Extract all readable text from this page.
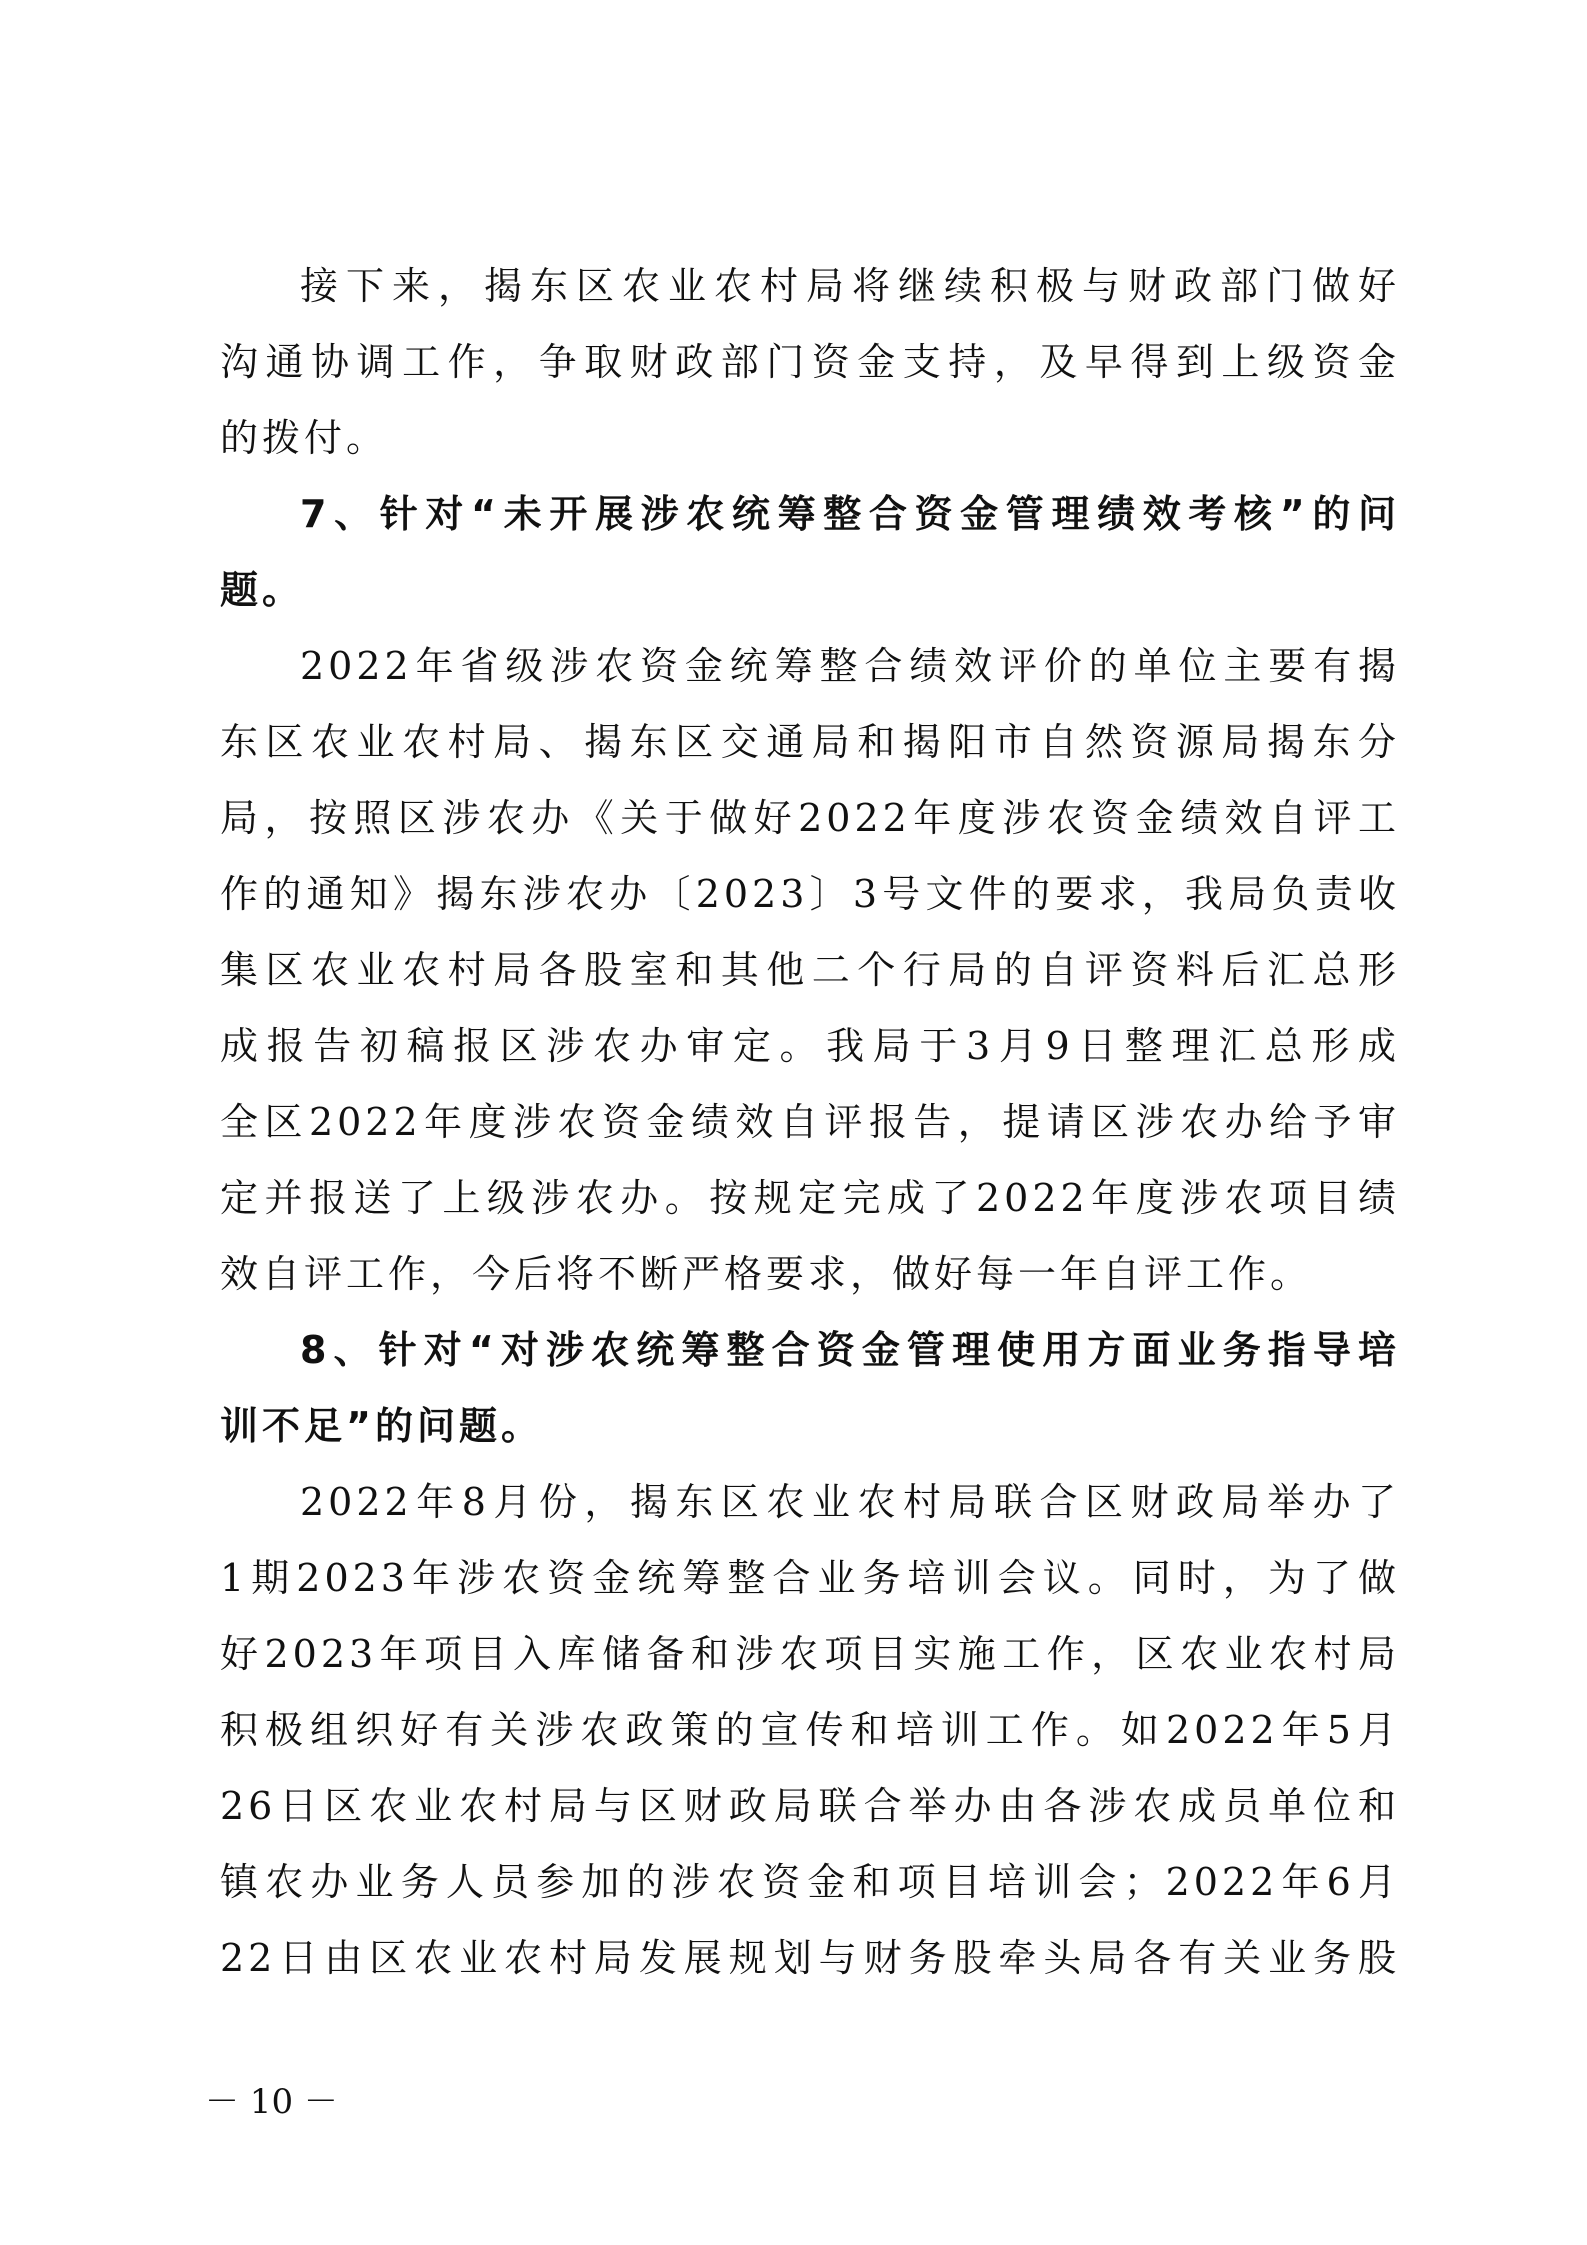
接下来，揭东区农业农村局将继续积极与财政部门做好
沟通协调工作，争取财政部门资金支持，及早得到上级资金
的拨付。
7、针对“未开展涉农统筹整合资金管理绩效考核”的问
题。
2022年省级涉农资金统筹整合绩效评价的单位主要有揭
东区农业农村局、揭东区交通局和揭阳市自然资源局揭东分
局，按照区涉农办《关于做好2022年度涉农资金绩效自评工
作的通知》揭东涉农办〔2023〕3号文件的要求，我局负责收
集区农业农村局各股室和其他二个行局的自评资料后汇总形
成报告初稿报区涉农办审定。我局于3月9日整理汇总形成
全区2022年度涉农资金绩效自评报告，提请区涉农办给予审
定并报送了上级涉农办。按规定完成了2022年度涉农项目绩
效自评工作，今后将不断严格要求，做好每一年自评工作。
8、针对“对涉农统筹整合资金管理使用方面业务指导培
训不足”的问题。
2022年8月份，揭东区农业农村局联合区财政局举办了
1期2023年涉农资金统筹整合业务培训会议。同时，为了做
好2023年项目入库储备和涉农项目实施工作，区农业农村局
积极组织好有关涉农政策的宣传和培训工作。如2022年5月
26日区农业农村局与区财政局联合举办由各涉农成员单位和
镇农办业务人员参加的涉农资金和项目培训会；2022年6月
22日由区农业农村局发展规划与财务股牵头局各有关业务股
－ 10 －
